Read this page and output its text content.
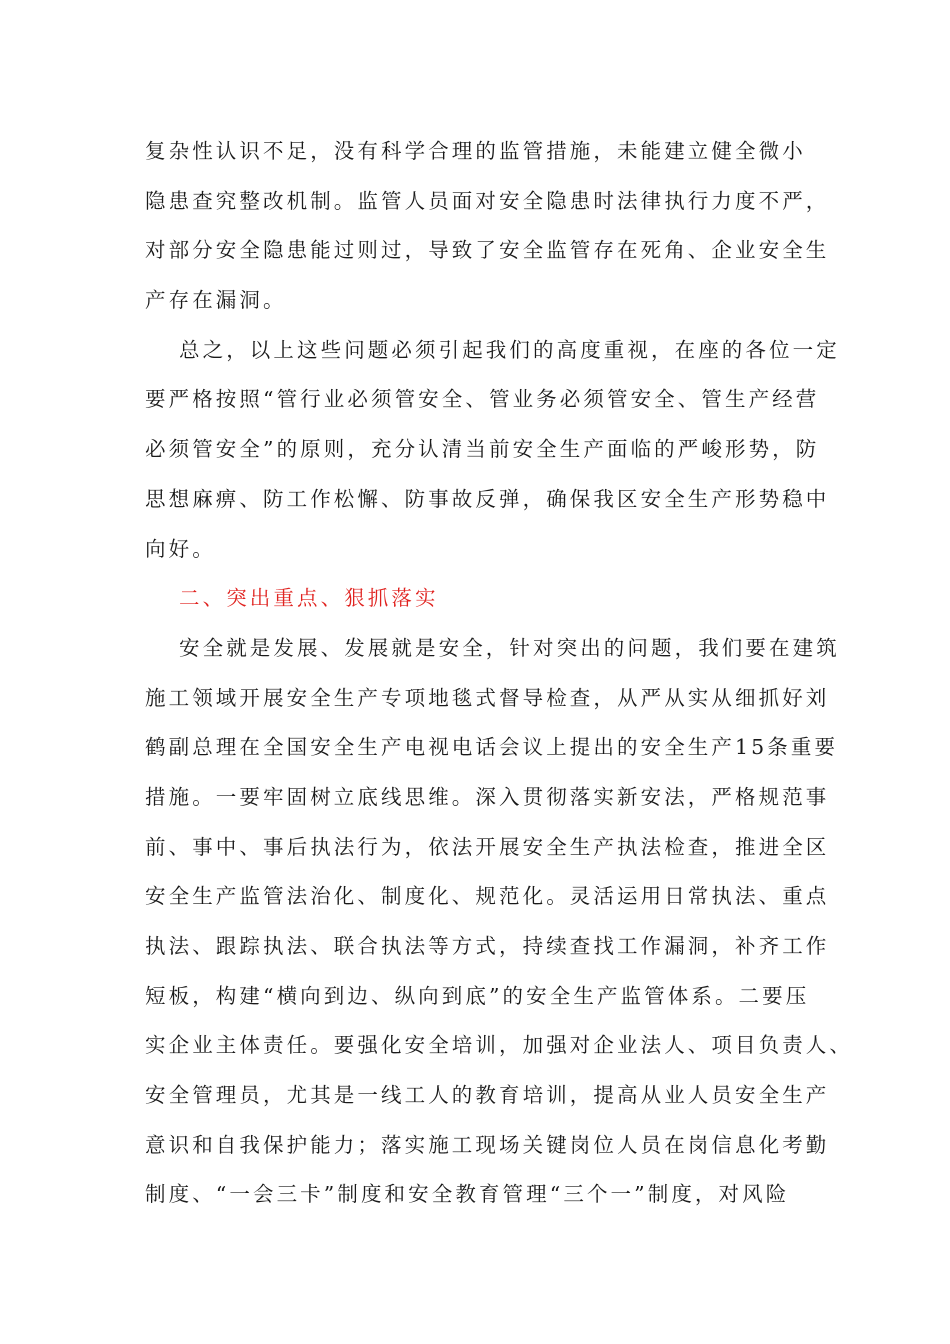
复杂性认识不足，没有科学合理的监管措施，未能建立健全微小
隐患查究整改机制。监管人员面对安全隐患时法律执行力度不严，
对部分安全隐患能过则过，导致了安全监管存在死角、企业安全生
产存在漏洞。
总之，以上这些问题必须引起我们的高度重视，在座的各位一定
要严格按照“管行业必须管安全、管业务必须管安全、管生产经营
必须管安全”的原则，充分认清当前安全生产面临的严峻形势，防
思想麻痹、防工作松懈、防事故反弹，确保我区安全生产形势稳中
向好。
二、突出重点、狠抓落实
安全就是发展、发展就是安全，针对突出的问题，我们要在建筑
施工领域开展安全生产专项地毯式督导检查，从严从实从细抓好刘
鹤副总理在全国安全生产电视电话会议上提出的安全生产15条重要
措施。一要牢固树立底线思维。深入贯彻落实新安法，严格规范事
前、事中、事后执法行为，依法开展安全生产执法检查，推进全区
安全生产监管法治化、制度化、规范化。灵活运用日常执法、重点
执法、跟踪执法、联合执法等方式，持续查找工作漏洞，补齐工作
短板，构建“横向到边、纵向到底”的安全生产监管体系。二要压
实企业主体责任。要强化安全培训，加强对企业法人、项目负责人、
安全管理员，尤其是一线工人的教育培训，提高从业人员安全生产
意识和自我保护能力；落实施工现场关键岗位人员在岗信息化考勤
制度、“一会三卡”制度和安全教育管理“三个一”制度，对风险
